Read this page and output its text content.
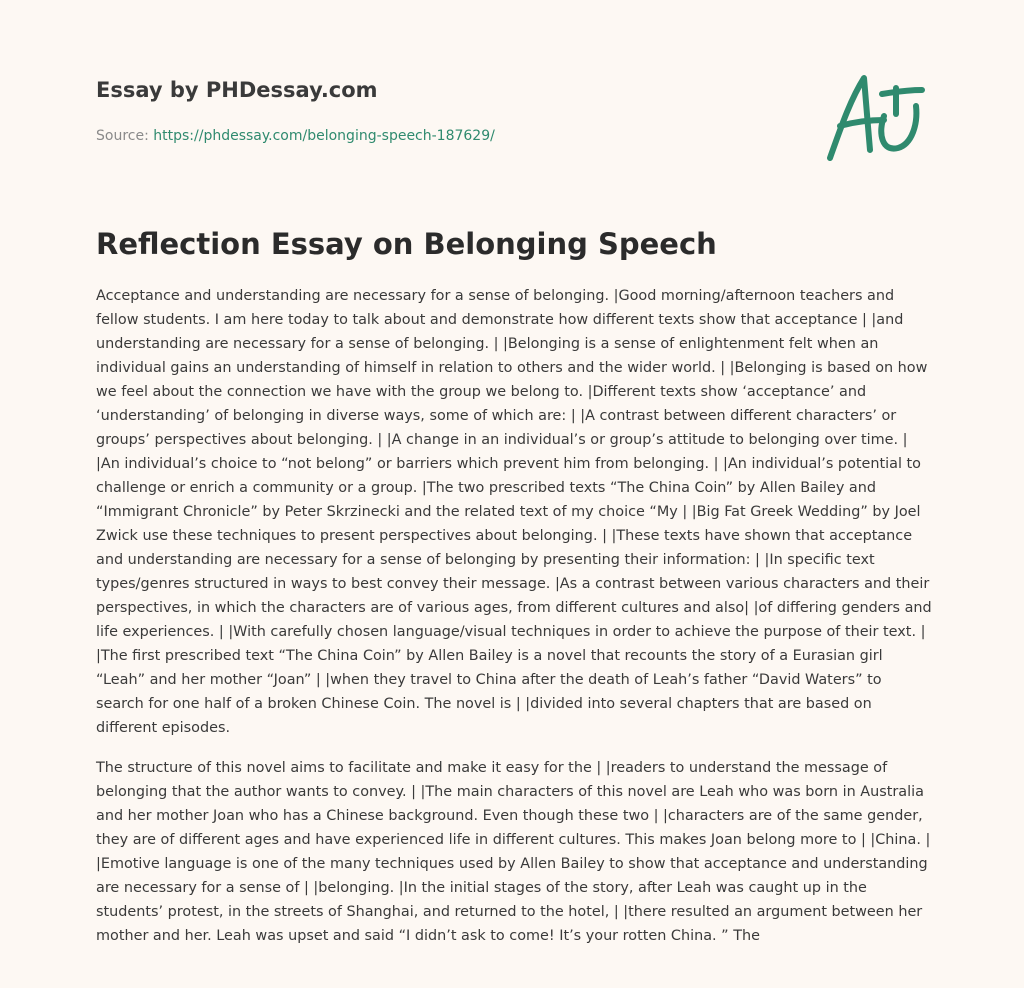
Essay by PHDessay.com
Source: https://phdessay.com/belonging-speech-187629/
Reflection Essay on Belonging Speech

Acceptance and understanding are necessary for a sense of belonging. |Good morning/afternoon teachers and fellow students. I am here today to talk about and demonstrate how different texts show that acceptance | |and understanding are necessary for a sense of belonging. | |Belonging is a sense of enlightenment felt when an individual gains an understanding of himself in relation to others and the wider world. | |Belonging is based on how we feel about the connection we have with the group we belong to. |Different texts show ‘acceptance’ and ‘understanding’ of belonging in diverse ways, some of which are: | |A contrast between different characters’ or groups’ perspectives about belonging. | |A change in an individual’s or group’s attitude to belonging over time. | |An individual’s choice to “not belong” or barriers which prevent him from belonging. | |An individual’s potential to challenge or enrich a community or a group. |The two prescribed texts “The China Coin” by Allen Bailey and “Immigrant Chronicle” by Peter Skrzinecki and the related text of my choice “My | |Big Fat Greek Wedding” by Joel Zwick use these techniques to present perspectives about belonging. | |These texts have shown that acceptance and understanding are necessary for a sense of belonging by presenting their information: | |In specific text types/genres structured in ways to best convey their message. |As a contrast between various characters and their perspectives, in which the characters are of various ages, from different cultures and also| |of differing genders and life experiences. | |With carefully chosen language/visual techniques in order to achieve the purpose of their text. | |The first prescribed text “The China Coin” by Allen Bailey is a novel that recounts the story of a Eurasian girl “Leah” and her mother “Joan” | |when they travel to China after the death of Leah’s father “David Waters” to search for one half of a broken Chinese Coin. The novel is | |divided into several chapters that are based on different episodes.

The structure of this novel aims to facilitate and make it easy for the | |readers to understand the message of belonging that the author wants to convey. | |The main characters of this novel are Leah who was born in Australia and her mother Joan who has a Chinese background. Even though these two | |characters are of the same gender, they are of different ages and have experienced life in different cultures. This makes Joan belong more to | |China. | |Emotive language is one of the many techniques used by Allen Bailey to show that acceptance and understanding are necessary for a sense of | |belonging. |In the initial stages of the story, after Leah was caught up in the students’ protest, in the streets of Shanghai, and returned to the hotel, | |there resulted an argument between her mother and her. Leah was upset and said “I didn’t ask to come! It’s your rotten China. ” The
